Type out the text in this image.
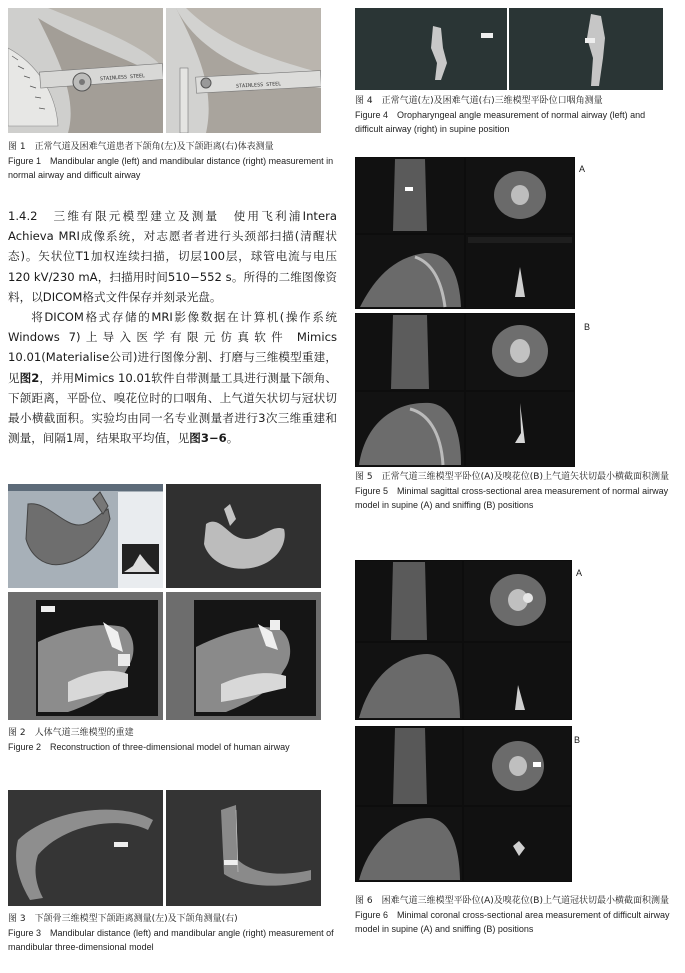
STAINLESS STEEL
STAINLESS STEEL
图 1　正常气道及困难气道患者下颌角(左)及下颌距离(右)体表测量
Figure 1　Mandibular angle (left) and mandibular distance (right) measurement in normal airway and difficult airway

1.4.2　三维有限元模型建立及测量 使用飞利浦Intera Achieva MRI成像系统，对志愿者者进行头颈部扫描(清醒状态)。矢状位T1加权连续扫描，切层100层，球管电流与电压120 kV/230 mA，扫描用时间510−552 s。所得的二维图像资料，以DICOM格式文件保存并刻录光盘。

将DICOM格式存储的MRI影像数据在计算机(操作系统 Windows 7)上导入医学有限元仿真软件 Mimics 10.01(Materialise公司)进行图像分割、打磨与三维模型重建，见图2，并用Mimics 10.01软件自带测量工具进行测量下颌角、下颌距离，平卧位、嗅花位时的口咽角、上气道矢状切与冠状切最小横截面积。实验均由同一名专业测量者进行3次三维重建和测量，间隔1周，结果取平均值，见图3−6。

图 2　人体气道三维模型的重建
Figure 2　Reconstruction of three-dimensional model of human airway
图 3　下颌骨三维模型下颌距离测量(左)及下颌角测量(右)
Figure 3　Mandibular distance (left) and mandibular angle (right) measurement of mandibular three-dimensional model
图 4　正常气道(左)及困难气道(右)三维模型平卧位口咽角测量
Figure 4　Oropharyngeal angle measurement of normal airway (left) and difficult airway (right) in supine position
A
B
图 5　正常气道三维模型平卧位(A)及嗅花位(B)上气道矢状切最小横截面积测量
Figure 5　Minimal sagittal cross-sectional area measurement of normal airway model in supine (A) and sniffing (B) positions
A
B
图 6　困难气道三维模型平卧位(A)及嗅花位(B)上气道冠状切最小横截面积测量
Figure 6　Minimal coronal cross-sectional area measurement of difficult airway model in supine (A) and sniffing (B) positions
